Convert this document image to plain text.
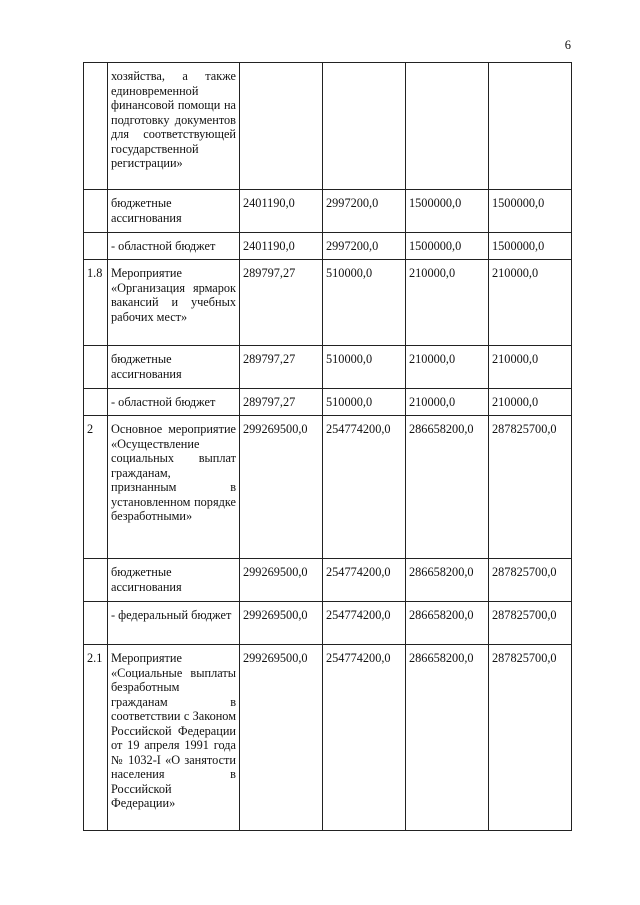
6
	хозяйства, а также единовременной финансовой помощи на подготовку документов для соответствующей государственной регистрации»				
	бюджетные ассигнования	2401190,0	2997200,0	1500000,0	1500000,0
	- областной бюджет	2401190,0	2997200,0	1500000,0	1500000,0
1.8	Мероприятие «Организация ярмарок вакансий и учебных рабочих мест»	289797,27	510000,0	210000,0	210000,0
	бюджетные ассигнования	289797,27	510000,0	210000,0	210000,0
	- областной бюджет	289797,27	510000,0	210000,0	210000,0
2	Основное мероприятие «Осуществление социальных выплат гражданам, признанным в установленном порядке безработными»	299269500,0	254774200,0	286658200,0	287825700,0
	бюджетные ассигнования	299269500,0	254774200,0	286658200,0	287825700,0
	- федеральный бюджет	299269500,0	254774200,0	286658200,0	287825700,0
2.1	Мероприятие «Социальные выплаты безработным гражданам в соответствии с Законом Российской Федерации от 19 апреля 1991 года № 1032-I «О занятости населения в Российской Федерации»	299269500,0	254774200,0	286658200,0	287825700,0
